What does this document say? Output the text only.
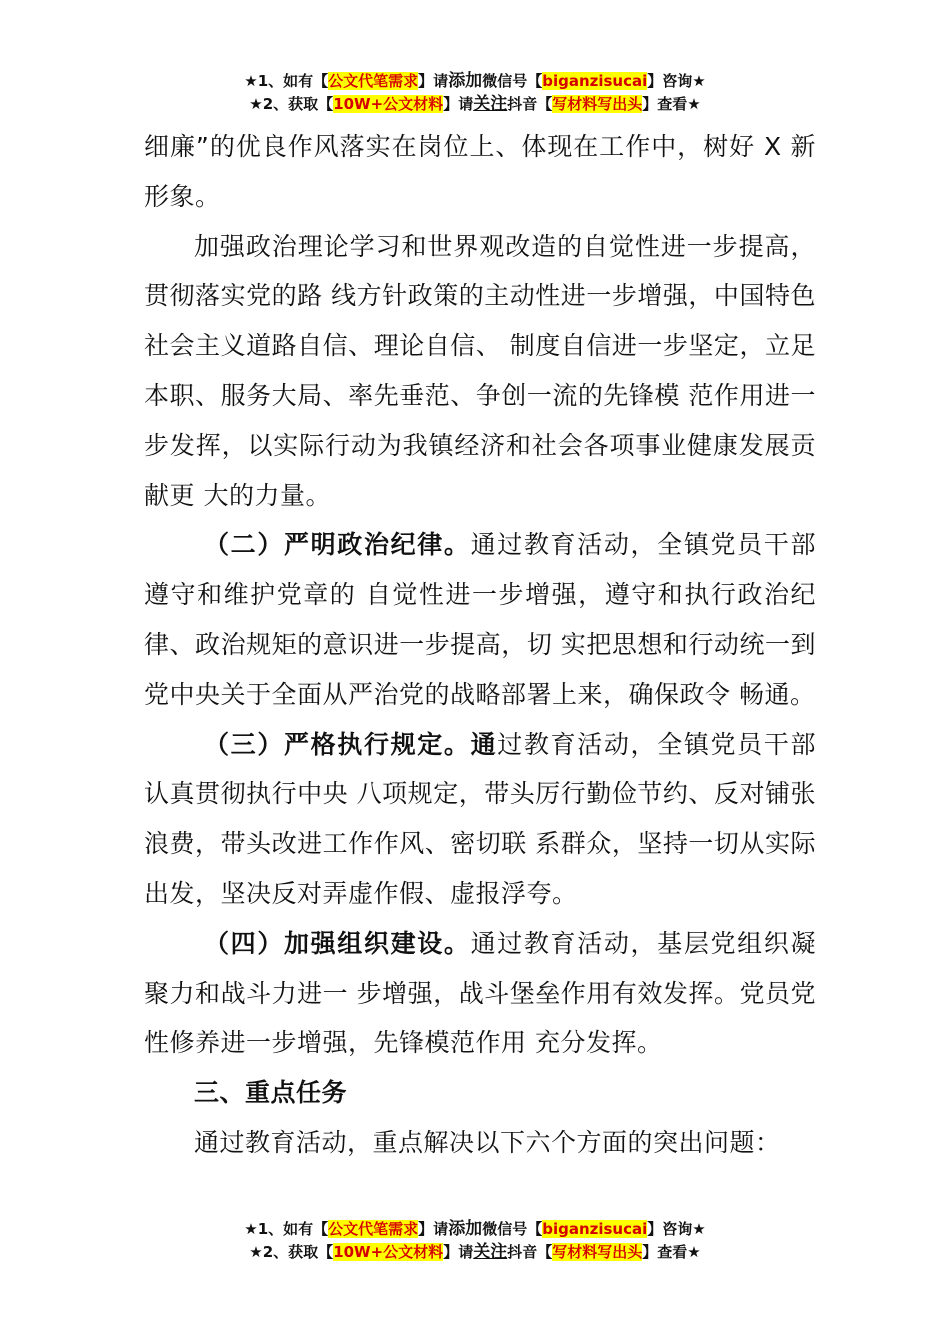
★1、如有【公文代笔需求】请添加微信号【biganzisucai】咨询★
★2、获取【10W+公文材料】请关注抖音【写材料写出头】查看★

细廉”的优良作风落实在岗位上、体现在工作中，树好 X 新形象。

加强政治理论学习和世界观改造的自觉性进一步提高，贯彻落实党的路 线方针政策的主动性进一步增强，中国特色社会主义道路自信、理论自信、 制度自信进一步坚定，立足本职、服务大局、率先垂范、争创一流的先锋模 范作用进一步发挥，以实际行动为我镇经济和社会各项事业健康发展贡献更 大的力量。

（二）严明政治纪律。通过教育活动，全镇党员干部遵守和维护党章的 自觉性进一步增强，遵守和执行政治纪律、政治规矩的意识进一步提高，切 实把思想和行动统一到党中央关于全面从严治党的战略部署上来，确保政令 畅通。

（三）严格执行规定。通过教育活动，全镇党员干部认真贯彻执行中央 八项规定，带头厉行勤俭节约、反对铺张浪费，带头改进工作作风、密切联 系群众，坚持一切从实际出发，坚决反对弄虚作假、虚报浮夸。

（四）加强组织建设。通过教育活动，基层党组织凝聚力和战斗力进一 步增强，战斗堡垒作用有效发挥。党员党性修养进一步增强，先锋模范作用 充分发挥。

三、重点任务

通过教育活动，重点解决以下六个方面的突出问题：

★1、如有【公文代笔需求】请添加微信号【biganzisucai】咨询★
★2、获取【10W+公文材料】请关注抖音【写材料写出头】查看★
